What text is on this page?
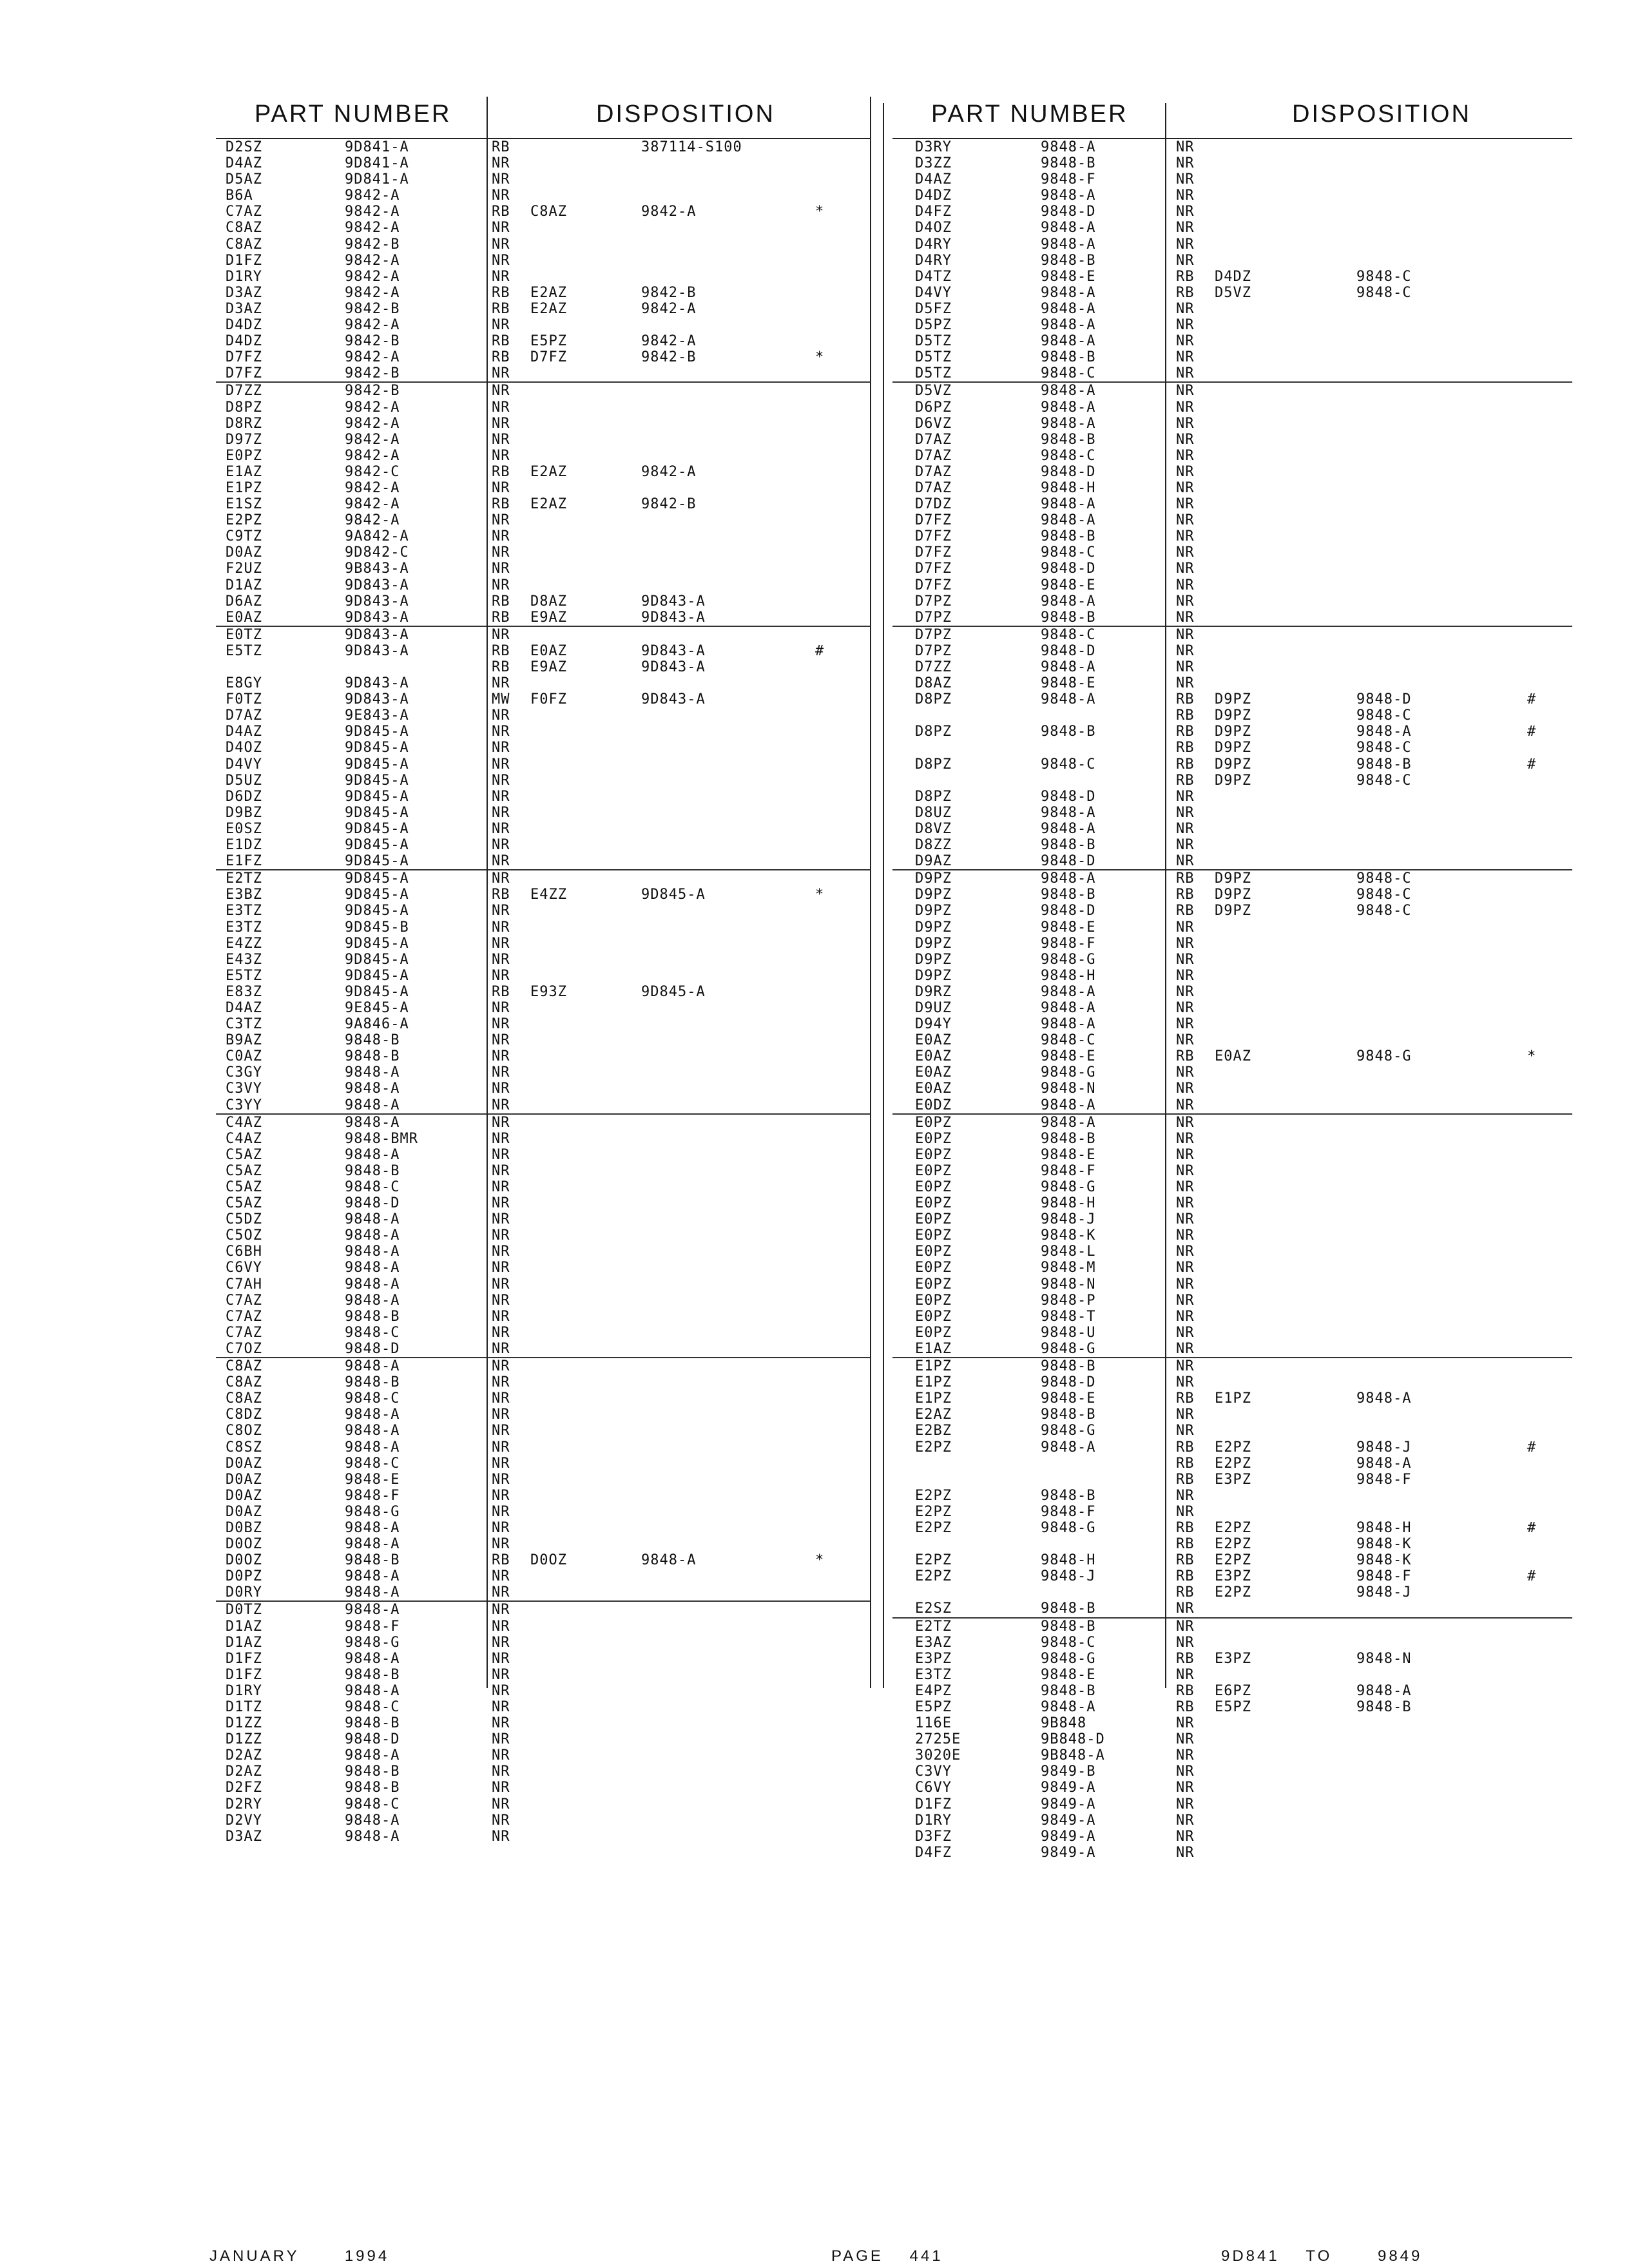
PART NUMBER	DISPOSITION
D2SZ	9D841-A	RB	387114-S100
D4AZ	9D841-A	NR
D5AZ	9D841-A	NR
B6A	9842-A	NR
C7AZ	9842-A	RB C8AZ	9842-A	*
C8AZ	9842-A	NR
C8AZ	9842-B	NR
D1FZ	9842-A	NR
D1RY	9842-A	NR
D3AZ	9842-A	RB E2AZ	9842-B
D3AZ	9842-B	RB E2AZ	9842-A
D4DZ	9842-A	NR
D4DZ	9842-B	RB E5PZ	9842-A
D7FZ	9842-A	RB D7FZ	9842-B	*
D7FZ	9842-B	NR
D7ZZ	9842-B	NR
D8PZ	9842-A	NR
D8RZ	9842-A	NR
D97Z	9842-A	NR
E0PZ	9842-A	NR
E1AZ	9842-C	RB E2AZ	9842-A
E1PZ	9842-A	NR
E1SZ	9842-A	RB E2AZ	9842-B
E2PZ	9842-A	NR
C9TZ	9A842-A	NR
D0AZ	9D842-C	NR
F2UZ	9B843-A	NR
D1AZ	9D843-A	NR
D6AZ	9D843-A	RB D8AZ	9D843-A
E0AZ	9D843-A	RB E9AZ	9D843-A
E0TZ	9D843-A	NR
E5TZ	9D843-A	RB E0AZ	9D843-A	#
RB E9AZ	9D843-A
E8GY	9D843-A	NR
F0TZ	9D843-A	MW F0FZ	9D843-A
D7AZ	9E843-A	NR
D4AZ	9D845-A	NR
D4OZ	9D845-A	NR
D4VY	9D845-A	NR
D5UZ	9D845-A	NR
D6DZ	9D845-A	NR
D9BZ	9D845-A	NR
E0SZ	9D845-A	NR
E1DZ	9D845-A	NR
E1FZ	9D845-A	NR
E2TZ	9D845-A	NR
E3BZ	9D845-A	RB E4ZZ	9D845-A	*
E3TZ	9D845-A	NR
E3TZ	9D845-B	NR
E4ZZ	9D845-A	NR
E43Z	9D845-A	NR
E5TZ	9D845-A	NR
E83Z	9D845-A	RB E93Z	9D845-A
D4AZ	9E845-A	NR
C3TZ	9A846-A	NR
B9AZ	9848-B	NR
C0AZ	9848-B	NR
C3GY	9848-A	NR
C3VY	9848-A	NR
C3YY	9848-A	NR
C4AZ	9848-A	NR
C4AZ	9848-BMR	NR
C5AZ	9848-A	NR
C5AZ	9848-B	NR
C5AZ	9848-C	NR
C5AZ	9848-D	NR
C5DZ	9848-A	NR
C5OZ	9848-A	NR
C6BH	9848-A	NR
C6VY	9848-A	NR
C7AH	9848-A	NR
C7AZ	9848-A	NR
C7AZ	9848-B	NR
C7AZ	9848-C	NR
C7OZ	9848-D	NR
C8AZ	9848-A	NR
C8AZ	9848-B	NR
C8AZ	9848-C	NR
C8DZ	9848-A	NR
C8OZ	9848-A	NR
C8SZ	9848-A	NR
D0AZ	9848-C	NR
D0AZ	9848-E	NR
D0AZ	9848-F	NR
D0AZ	9848-G	NR
D0BZ	9848-A	NR
D0OZ	9848-A	NR
D0OZ	9848-B	RB D0OZ	9848-A	*
D0PZ	9848-A	NR
D0RY	9848-A	NR
D0TZ	9848-A	NR
D1AZ	9848-F	NR
D1AZ	9848-G	NR
D1FZ	9848-A	NR
D1FZ	9848-B	NR
D1RY	9848-A	NR
D1TZ	9848-C	NR
D1ZZ	9848-B	NR
D1ZZ	9848-D	NR
D2AZ	9848-A	NR
D2AZ	9848-B	NR
D2FZ	9848-B	NR
D2RY	9848-C	NR
D2VY	9848-A	NR
D3AZ	9848-A	NR
PART NUMBER	DISPOSITION
D3RY	9848-A	NR
D3ZZ	9848-B	NR
D4AZ	9848-F	NR
D4DZ	9848-A	NR
D4FZ	9848-D	NR
D4OZ	9848-A	NR
D4RY	9848-A	NR
D4RY	9848-B	NR
D4TZ	9848-E	RB D4DZ	9848-C
D4VY	9848-A	RB D5VZ	9848-C
D5FZ	9848-A	NR
D5PZ	9848-A	NR
D5TZ	9848-A	NR
D5TZ	9848-B	NR
D5TZ	9848-C	NR
D5VZ	9848-A	NR
D6PZ	9848-A	NR
D6VZ	9848-A	NR
D7AZ	9848-B	NR
D7AZ	9848-C	NR
D7AZ	9848-D	NR
D7AZ	9848-H	NR
D7DZ	9848-A	NR
D7FZ	9848-A	NR
D7FZ	9848-B	NR
D7FZ	9848-C	NR
D7FZ	9848-D	NR
D7FZ	9848-E	NR
D7PZ	9848-A	NR
D7PZ	9848-B	NR
D7PZ	9848-C	NR
D7PZ	9848-D	NR
D7ZZ	9848-A	NR
D8AZ	9848-E	NR
D8PZ	9848-A	RB D9PZ	9848-D	#
RB D9PZ	9848-C
D8PZ	9848-B	RB D9PZ	9848-A	#
RB D9PZ	9848-C
D8PZ	9848-C	RB D9PZ	9848-B	#
RB D9PZ	9848-C
D8PZ	9848-D	NR
D8UZ	9848-A	NR
D8VZ	9848-A	NR
D8ZZ	9848-B	NR
D9AZ	9848-D	NR
D9PZ	9848-A	RB D9PZ	9848-C
D9PZ	9848-B	RB D9PZ	9848-C
D9PZ	9848-D	RB D9PZ	9848-C
D9PZ	9848-E	NR
D9PZ	9848-F	NR
D9PZ	9848-G	NR
D9PZ	9848-H	NR
D9RZ	9848-A	NR
D9UZ	9848-A	NR
D94Y	9848-A	NR
E0AZ	9848-C	NR
E0AZ	9848-E	RB E0AZ	9848-G	*
E0AZ	9848-G	NR
E0AZ	9848-N	NR
E0DZ	9848-A	NR
E0PZ	9848-A	NR
E0PZ	9848-B	NR
E0PZ	9848-E	NR
E0PZ	9848-F	NR
E0PZ	9848-G	NR
E0PZ	9848-H	NR
E0PZ	9848-J	NR
E0PZ	9848-K	NR
E0PZ	9848-L	NR
E0PZ	9848-M	NR
E0PZ	9848-N	NR
E0PZ	9848-P	NR
E0PZ	9848-T	NR
E0PZ	9848-U	NR
E1AZ	9848-G	NR
E1PZ	9848-B	NR
E1PZ	9848-D	NR
E1PZ	9848-E	RB E1PZ	9848-A
E2AZ	9848-B	NR
E2BZ	9848-G	NR
E2PZ	9848-A	RB E2PZ	9848-J	#
RB E2PZ	9848-A
RB E3PZ	9848-F
E2PZ	9848-B	NR
E2PZ	9848-F	NR
E2PZ	9848-G	RB E2PZ	9848-H	#
RB E2PZ	9848-K
E2PZ	9848-H	RB E2PZ	9848-K
E2PZ	9848-J	RB E3PZ	9848-F	#
RB E2PZ	9848-J
E2SZ	9848-B	NR
E2TZ	9848-B	NR
E3AZ	9848-C	NR
E3PZ	9848-G	RB E3PZ	9848-N
E3TZ	9848-E	NR
E4PZ	9848-B	RB E6PZ	9848-A
E5PZ	9848-A	RB E5PZ	9848-B
116E	9B848	NR
2725E	9B848-D	NR
3020E	9B848-A	NR
C3VY	9849-B	NR
C6VY	9849-A	NR
D1FZ	9849-A	NR
D1RY	9849-A	NR
D3FZ	9849-A	NR
D4FZ	9849-A	NR
JANUARY	1994	PAGE 441	9D841 TO	9849
